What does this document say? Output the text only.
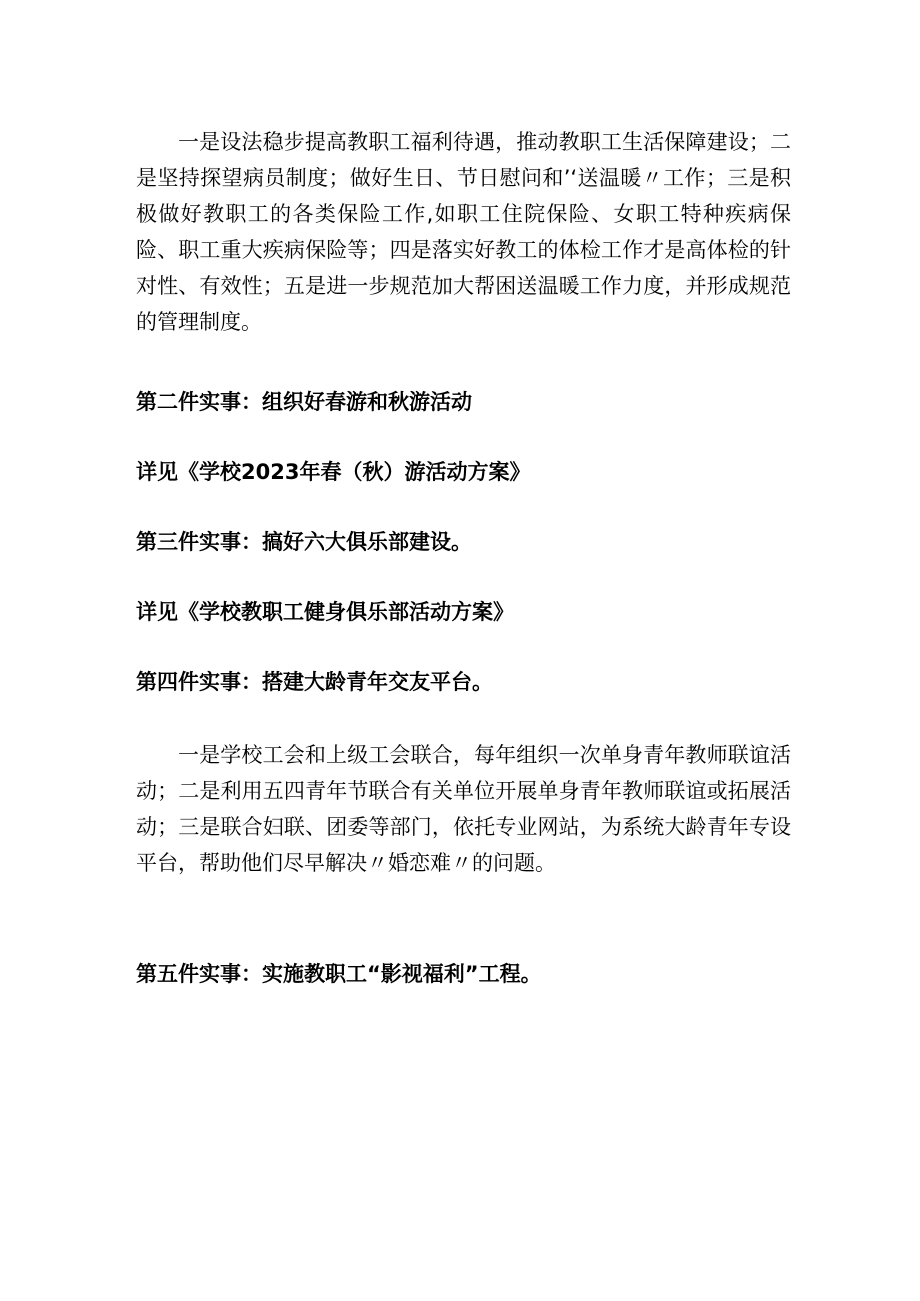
一是设法稳步提高教职工福利待遇，推动教职工生活保障建设；二是坚持探望病员制度；做好生日、节日慰问和’‘送温暖〃工作；三是积极做好教职工的各类保险工作,如职工住院保险、女职工特种疾病保险、职工重大疾病保险等；四是落实好教工的体检工作才是高体检的针对性、有效性；五是进一步规范加大帮困送温暖工作力度，并形成规范的管理制度。

第二件实事：组织好春游和秋游活动

详见《学校2023年春（秋）游活动方案》

第三件实事：搞好六大俱乐部建设。

详见《学校教职工健身俱乐部活动方案》

第四件实事：搭建大龄青年交友平台。

一是学校工会和上级工会联合，每年组织一次单身青年教师联谊活动；二是利用五四青年节联合有关单位开展单身青年教师联谊或拓展活动；三是联合妇联、团委等部门，依托专业网站，为系统大龄青年专设平台，帮助他们尽早解决〃婚恋难〃的问题。

第五件实事：实施教职工“影视福利”工程。
